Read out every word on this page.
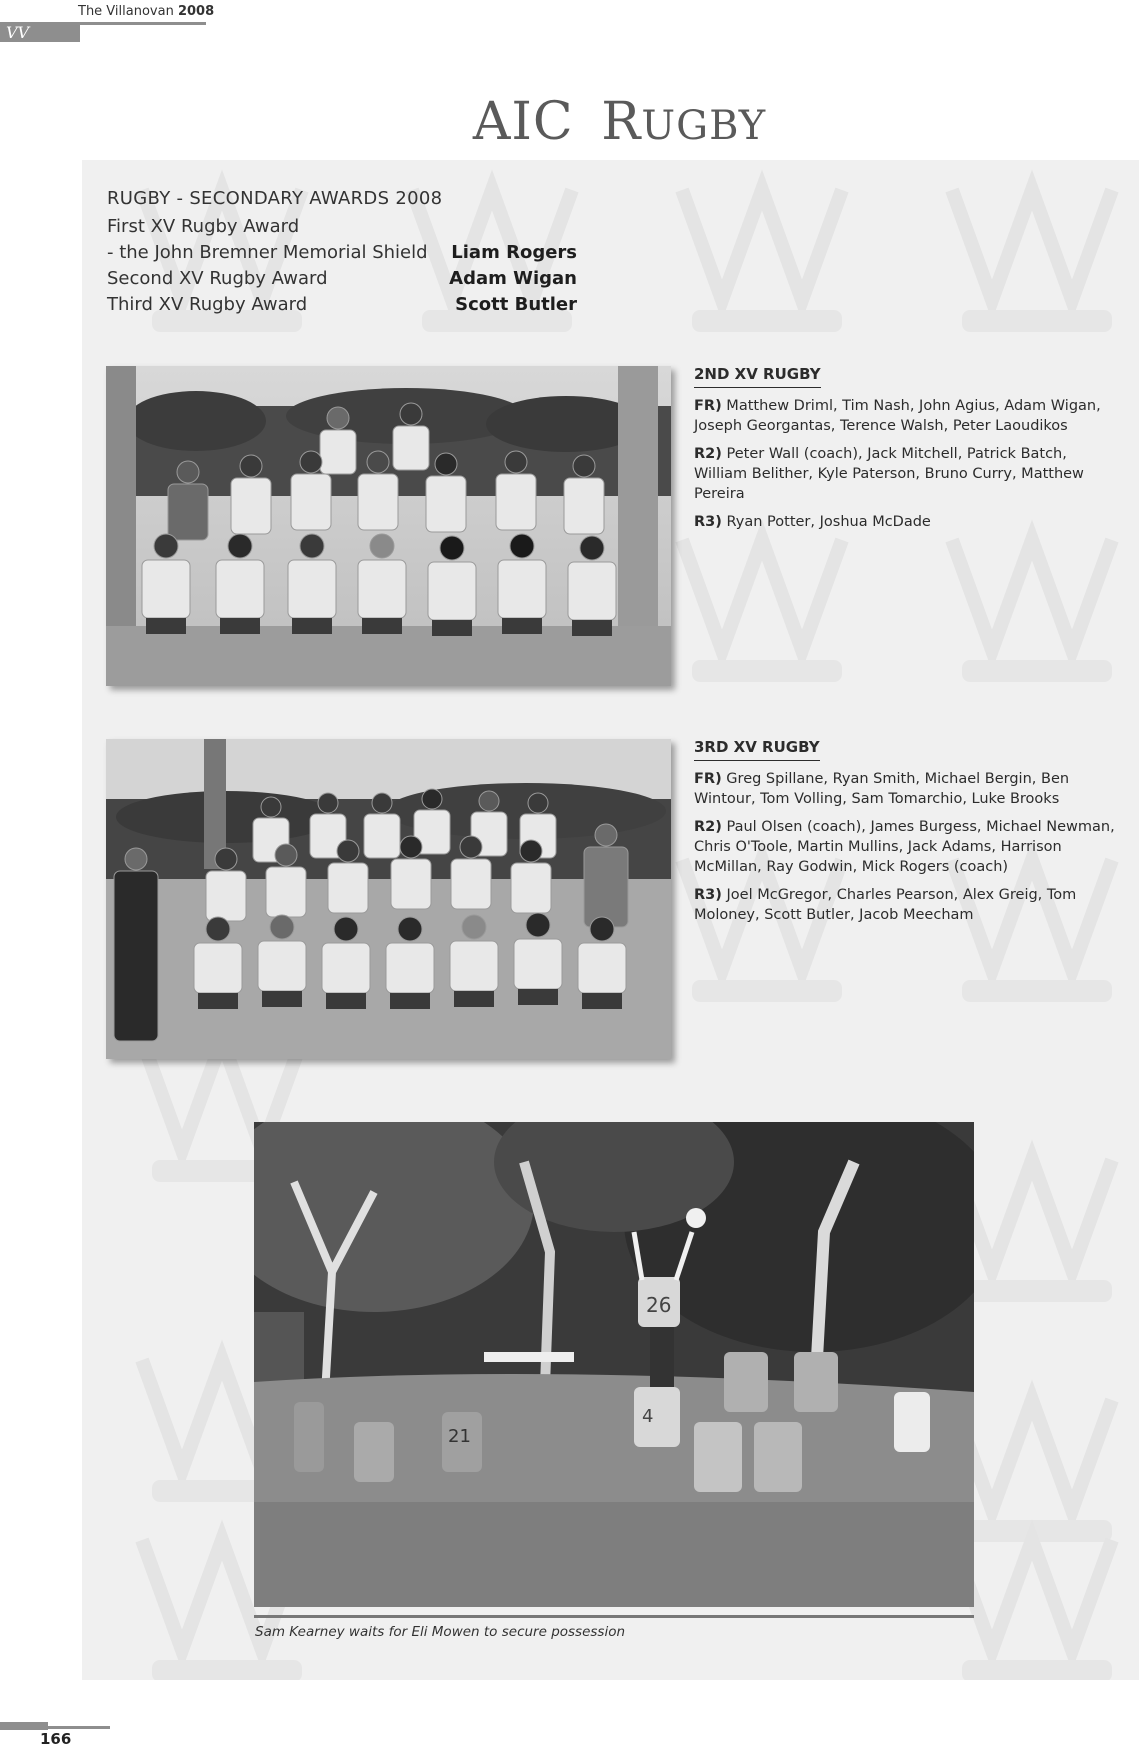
VV
The Villanovan 2008
AIC RUGBY
RUGBY - SECONDARY AWARDS 2008
First XV Rugby Award
- the John Bremner Memorial Shield Liam Rogers
Second XV Rugby Award	Adam Wigan
Third XV Rugby Award	Scott Butler
2ND XV RUGBY
FR) Matthew Driml, Tim Nash, John Agius, Adam Wigan, Joseph Georgantas, Terence Walsh, Peter Laoudikos
R2) Peter Wall (coach), Jack Mitchell, Patrick Batch, William Belither, Kyle Paterson, Bruno Curry, Matthew Pereira
R3) Ryan Potter, Joshua McDade
3RD XV RUGBY
FR) Greg Spillane, Ryan Smith, Michael Bergin, Ben Wintour, Tom Volling, Sam Tomarchio, Luke Brooks
R2) Paul Olsen (coach), James Burgess, Michael Newman, Chris O'Toole, Martin Mullins, Jack Adams, Harrison McMillan, Ray Godwin, Mick Rogers (coach)
R3) Joel McGregor, Charles Pearson, Alex Greig, Tom Moloney, Scott Butler, Jacob Meecham
26
4
21
Sam Kearney waits for Eli Mowen to secure possession
166
